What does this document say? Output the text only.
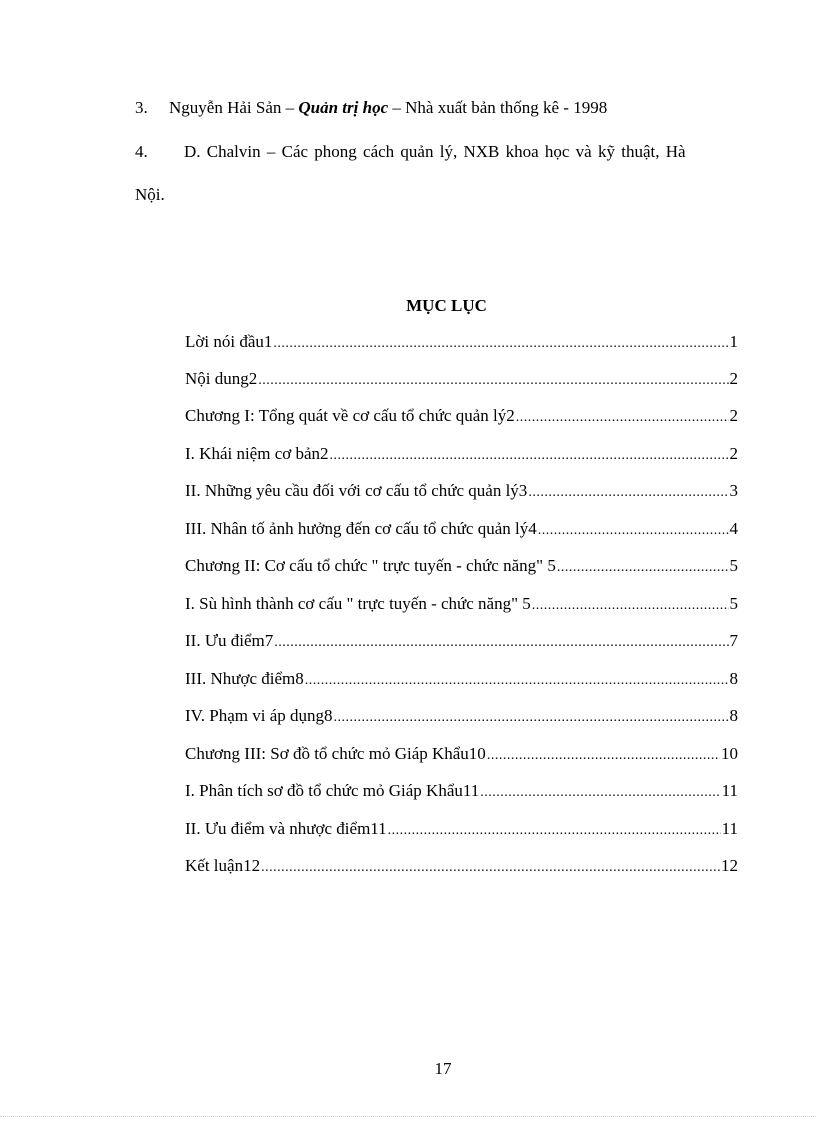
3. Nguyễn Hải Sản – Quản trị học – Nhà xuất bản thống kê - 1998
4. D. Chalvin – Các phong cách quản lý, NXB khoa học và kỹ thuật, Hà
Nội.
MỤC LỤC
Lời nói đầu1 .....	1
Nội dung2 .....	2
Chương I: Tổng quát về cơ cấu tổ chức quản lý2 .....	2
I. Khái niệm cơ bản2 .....	2
II. Những yêu cầu đối với cơ cấu tổ chức quản lý3 .....	3
III. Nhân tố ảnh hưởng đến cơ cấu tổ chức quản lý4 .....	4
Chương II: Cơ cấu tổ chức " trực tuyến - chức năng" 5 .....	5
I. Sù hình thành cơ cấu " trực tuyến - chức năng" 5 .....	5
II. Ưu điểm7 .....	7
III. Nhược điểm8 .....	8
IV. Phạm vi áp dụng8 .....	8
Chương III: Sơ đồ tổ chức mỏ Giáp Khẩu10 .....	10
I. Phân tích sơ đồ tổ chức mỏ Giáp Khẩu11 .....	11
II. Ưu điểm và nhược điểm11 .....	11
Kết luận12 .....	12
17
